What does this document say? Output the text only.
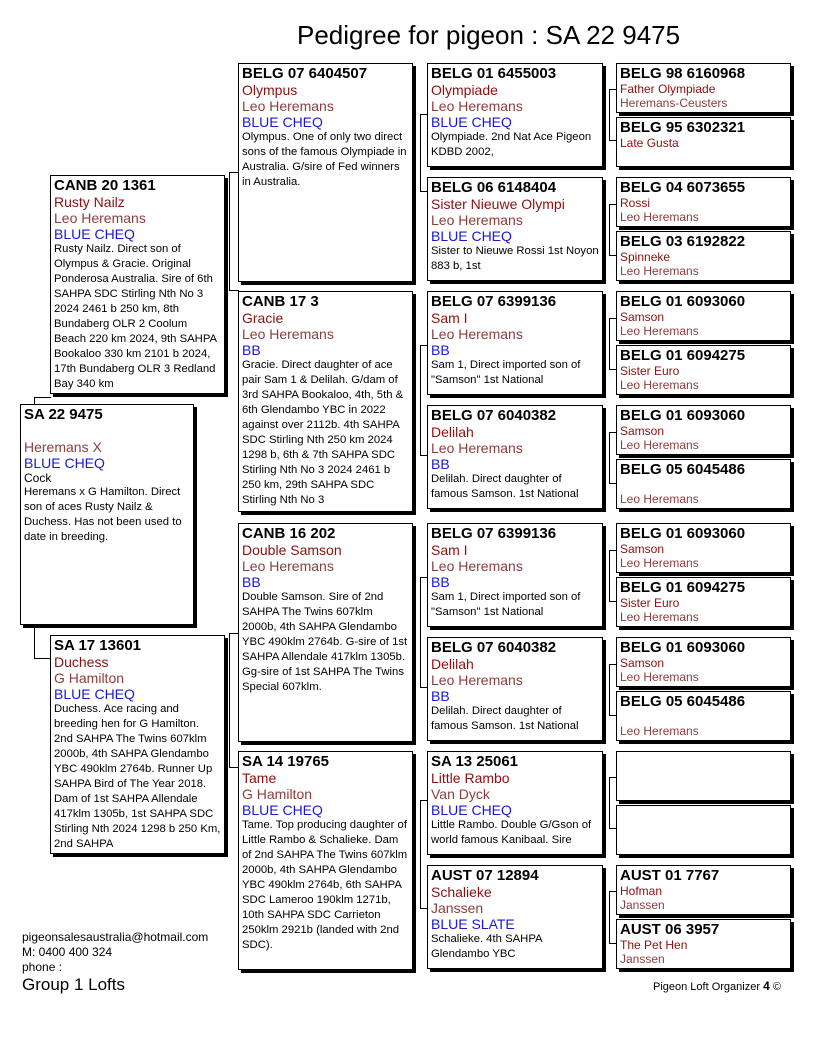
Pedigree for pigeon : SA 22 9475
SA 22 9475
Heremans X
BLUE CHEQ
Cock
Heremans x G Hamilton. Direct son of aces Rusty Nailz & Duchess. Has not been used to date in breeding.
CANB 20 1361
Rusty Nailz
Leo Heremans
BLUE CHEQ
Rusty Nailz. Direct son of Olympus & Gracie. Original Ponderosa Australia. Sire of 6th SAHPA SDC Stirling Nth No 3 2024 2461 b 250 km, 8th Bundaberg OLR 2 Coolum Beach 220 km 2024, 9th SAHPA Bookaloo 330 km 2101 b 2024, 17th Bundaberg OLR 3 Redland Bay 340 km
SA 17 13601
Duchess
G Hamilton
BLUE CHEQ
Duchess. Ace racing and breeding hen for G Hamilton. 2nd SAHPA The Twins 607klm 2000b, 4th SAHPA Glendambo YBC 490klm 2764b. Runner Up SAHPA Bird of The Year 2018. Dam of 1st SAHPA Allendale 417klm 1305b, 1st SAHPA SDC Stirling Nth 2024 1298 b 250 Km, 2nd SAHPA
BELG 07 6404507
Olympus
Leo Heremans
BLUE CHEQ
Olympus. One of only two direct sons of the famous Olympiade in Australia. G/sire of Fed winners in Australia.
CANB 17 3
Gracie
Leo Heremans
BB
Gracie. Direct daughter of ace pair Sam 1 & Delilah. G/dam of 3rd SAHPA Bookaloo, 4th, 5th & 6th Glendambo YBC in 2022 against over 2112b. 4th SAHPA SDC Stirling Nth 250 km 2024 1298 b, 6th & 7th SAHPA SDC Stirling Nth No 3 2024 2461 b 250 km, 29th SAHPA SDC Stirling Nth No 3
CANB 16 202
Double Samson
Leo Heremans
BB
Double Samson. Sire of 2nd SAHPA The Twins 607klm 2000b, 4th SAHPA Glendambo YBC 490klm 2764b. G-sire of 1st SAHPA Allendale 417klm 1305b. Gg-sire of 1st SAHPA The Twins Special 607klm.
SA 14 19765
Tame
G Hamilton
BLUE CHEQ
Tame. Top producing daughter of Little Rambo & Schalieke. Dam of 2nd SAHPA The Twins 607klm 2000b, 4th SAHPA Glendambo YBC 490klm 2764b, 6th SAHPA SDC Lameroo 190klm 1271b, 10th SAHPA SDC Carrieton 250klm 2921b (landed with 2nd SDC).
BELG 01 6455003
Olympiade
Leo Heremans
BLUE CHEQ
Olympiade. 2nd Nat Ace Pigeon KDBD 2002,
BELG 06 6148404
Sister Nieuwe Olympi
Leo Heremans
BLUE CHEQ
Sister to Nieuwe Rossi 1st Noyon 883 b, 1st
BELG 07 6399136
Sam I
Leo Heremans
BB
Sam 1, Direct imported son of "Samson" 1st National
BELG 07 6040382
Delilah
Leo Heremans
BB
Delilah. Direct daughter of famous Samson. 1st National
BELG 07 6399136
Sam I
Leo Heremans
BB
Sam 1, Direct imported son of "Samson" 1st National
BELG 07 6040382
Delilah
Leo Heremans
BB
Delilah. Direct daughter of famous Samson. 1st National
SA 13 25061
Little Rambo
Van Dyck
BLUE CHEQ
Little Rambo. Double G/Gson of world famous Kanibaal. Sire
AUST 07 12894
Schalieke
Janssen
BLUE SLATE
Schalieke. 4th SAHPA Glendambo YBC
BELG 98 6160968
Father Olympiade
Heremans-Ceusters
BELG 95 6302321
Late Gusta
BELG 04 6073655
Rossi
Leo Heremans
BELG 03 6192822
Spinneke
Leo Heremans
BELG 01 6093060
Samson
Leo Heremans
BELG 01 6094275
Sister Euro
Leo Heremans
BELG 01 6093060
Samson
Leo Heremans
BELG 05 6045486
Leo Heremans
BELG 01 6093060
Samson
Leo Heremans
BELG 01 6094275
Sister Euro
Leo Heremans
BELG 01 6093060
Samson
Leo Heremans
BELG 05 6045486
Leo Heremans
AUST 01 7767
Hofman
Janssen
AUST 06 3957
The Pet Hen
Janssen
pigeonsalesaustralia@hotmail.com
M: 0400 400 324
phone :
Group 1 Lofts	Pigeon Loft Organizer 4 ©
